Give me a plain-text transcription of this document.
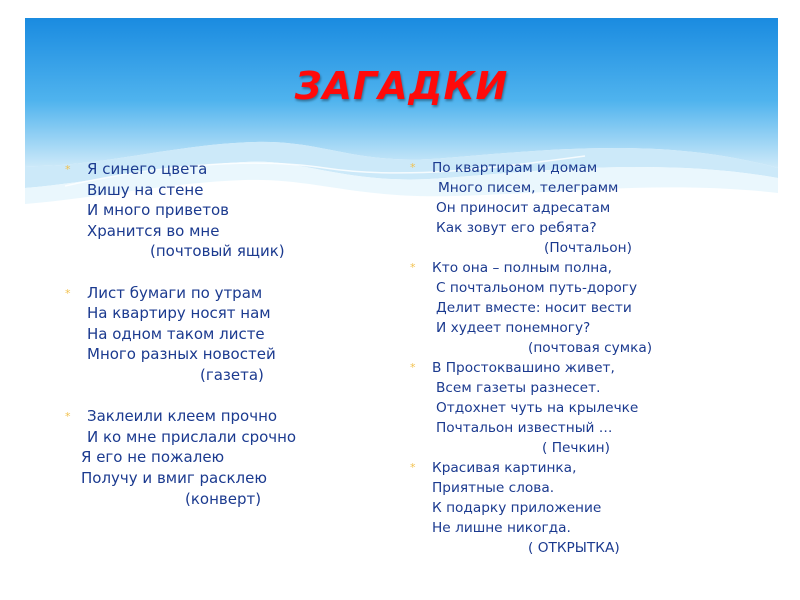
ЗАГАДКИ
* Я синего цвета
Вишу на стене
И много приветов
Хранится во мне
(почтовый ящик)
* Лист бумаги по утрам
На квартиру носят нам
На одном таком листе
Много разных новостей
(газета)
* Заклеили клеем прочно
И ко мне прислали срочно
Я его не пожалею
Получу и вмиг расклею
(конверт)
* По квартирам и домам
Много писем, телеграмм
Он приносит адресатам
Как зовут его ребята?
(Почтальон)
* Кто она – полным полна,
С почтальоном путь-дорогу
Делит вместе: носит вести
И худеет понемногу?
(почтовая сумка)
* В Простоквашино живет,
Всем газеты разнесет.
Отдохнет чуть на крылечке
Почтальон известный …
( Печкин)
* Красивая картинка,
Приятные слова.
К подарку приложение
Не лишне никогда.
( ОТКРЫТКА)
